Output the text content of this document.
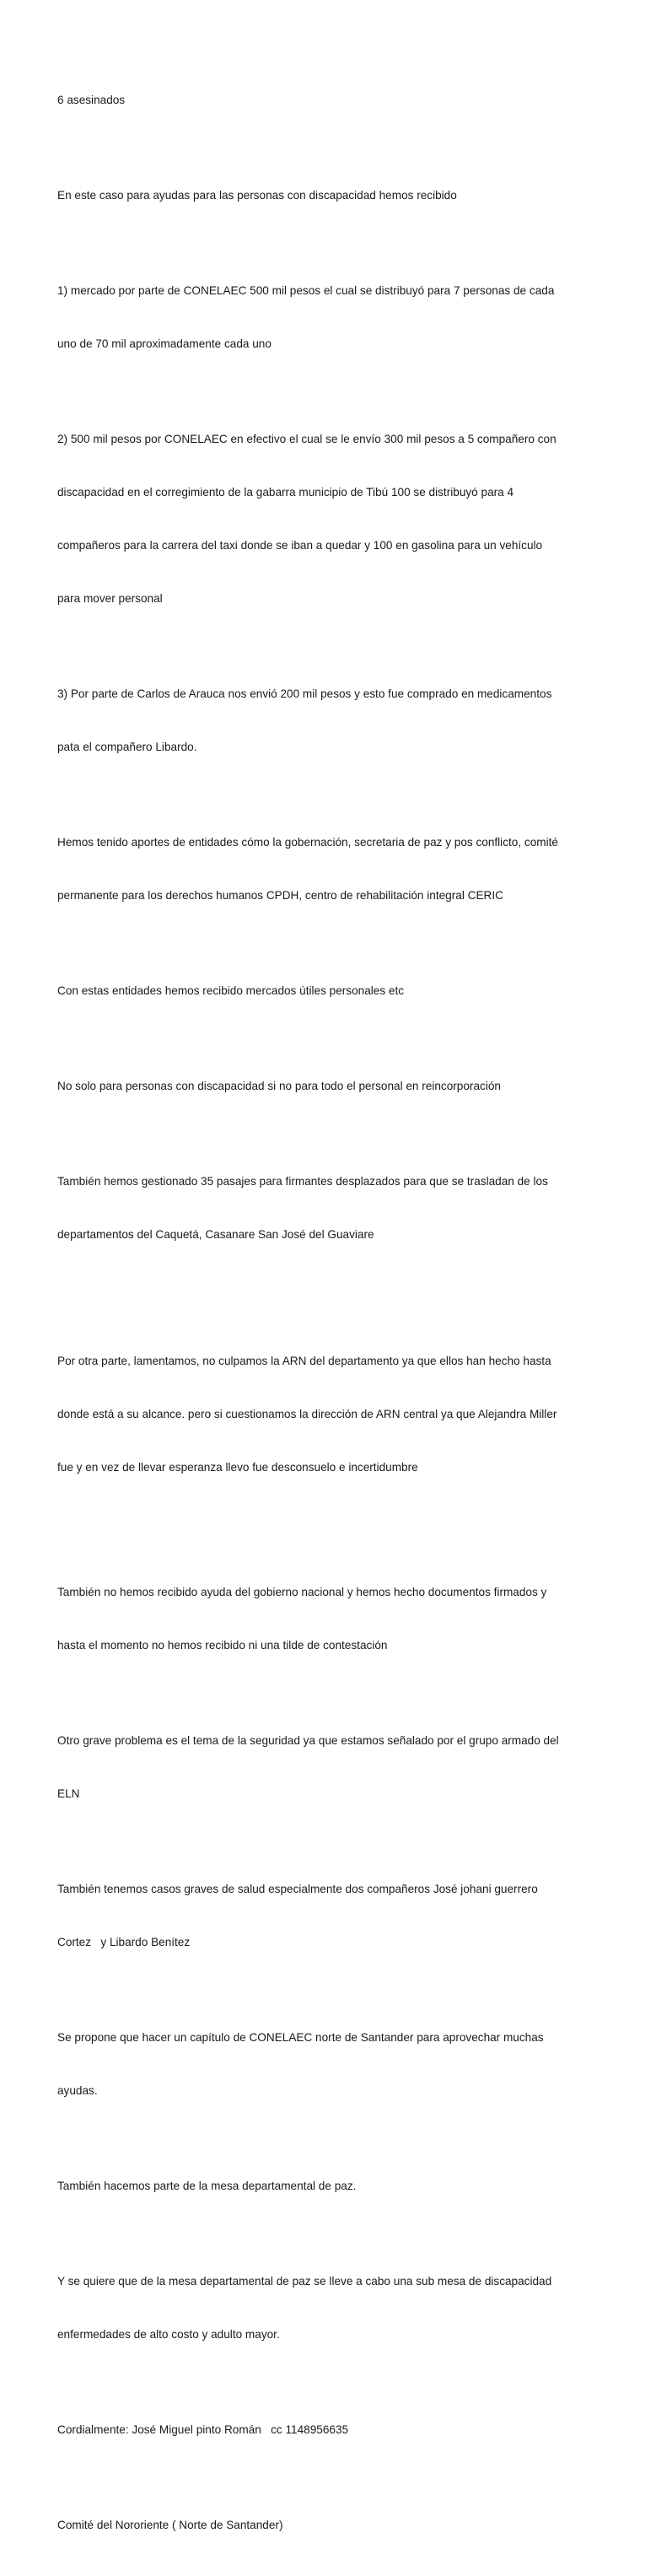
6 asesinados

En este caso para ayudas para las personas con discapacidad hemos recibido

1) mercado por parte de CONELAEC 500 mil pesos el cual se distribuyó para 7 personas de cada

uno de 70 mil aproximadamente cada uno

2) 500 mil pesos por CONELAEC en efectivo el cual se le envío 300 mil pesos a 5 compañero con

discapacidad en el corregimiento de la gabarra municipio de Tibú 100 se distribuyó para 4

compañeros para la carrera del taxi donde se iban a quedar y 100 en gasolina para un vehículo

para mover personal

3) Por parte de Carlos de Arauca nos envió 200 mil pesos y esto fue comprado en medicamentos

pata el compañero Libardo.

Hemos tenido aportes de entidades cómo la gobernación, secretaria de paz y pos conflicto, comité

permanente para los derechos humanos CPDH, centro de rehabilitación integral CERIC

Con estas entidades hemos recibido mercados útiles personales etc

No solo para personas con discapacidad si no para todo el personal en reincorporación

También hemos gestionado 35 pasajes para firmantes desplazados para que se trasladan de los

departamentos del Caquetá, Casanare San José del Guaviare

Por otra parte, lamentamos, no culpamos la ARN del departamento ya que ellos han hecho hasta

donde está a su alcance. pero si cuestionamos la dirección de ARN central ya que Alejandra Miller

fue y en vez de llevar esperanza llevo fue desconsuelo e incertidumbre

También no hemos recibido ayuda del gobierno nacional y hemos hecho documentos firmados y

hasta el momento no hemos recibido ni una tilde de contestación

Otro grave problema es el tema de la seguridad ya que estamos señalado por el grupo armado del

ELN

También tenemos casos graves de salud especialmente dos compañeros José johani guerrero

Cortez   y Libardo Benítez

Se propone que hacer un capítulo de CONELAEC norte de Santander para aprovechar muchas

ayudas.

También hacemos parte de la mesa departamental de paz.

Y se quiere que de la mesa departamental de paz se lleve a cabo una sub mesa de discapacidad

enfermedades de alto costo y adulto mayor.

Cordialmente: José Miguel pinto Román   cc 1148956635

Comité del Nororiente ( Norte de Santander)
